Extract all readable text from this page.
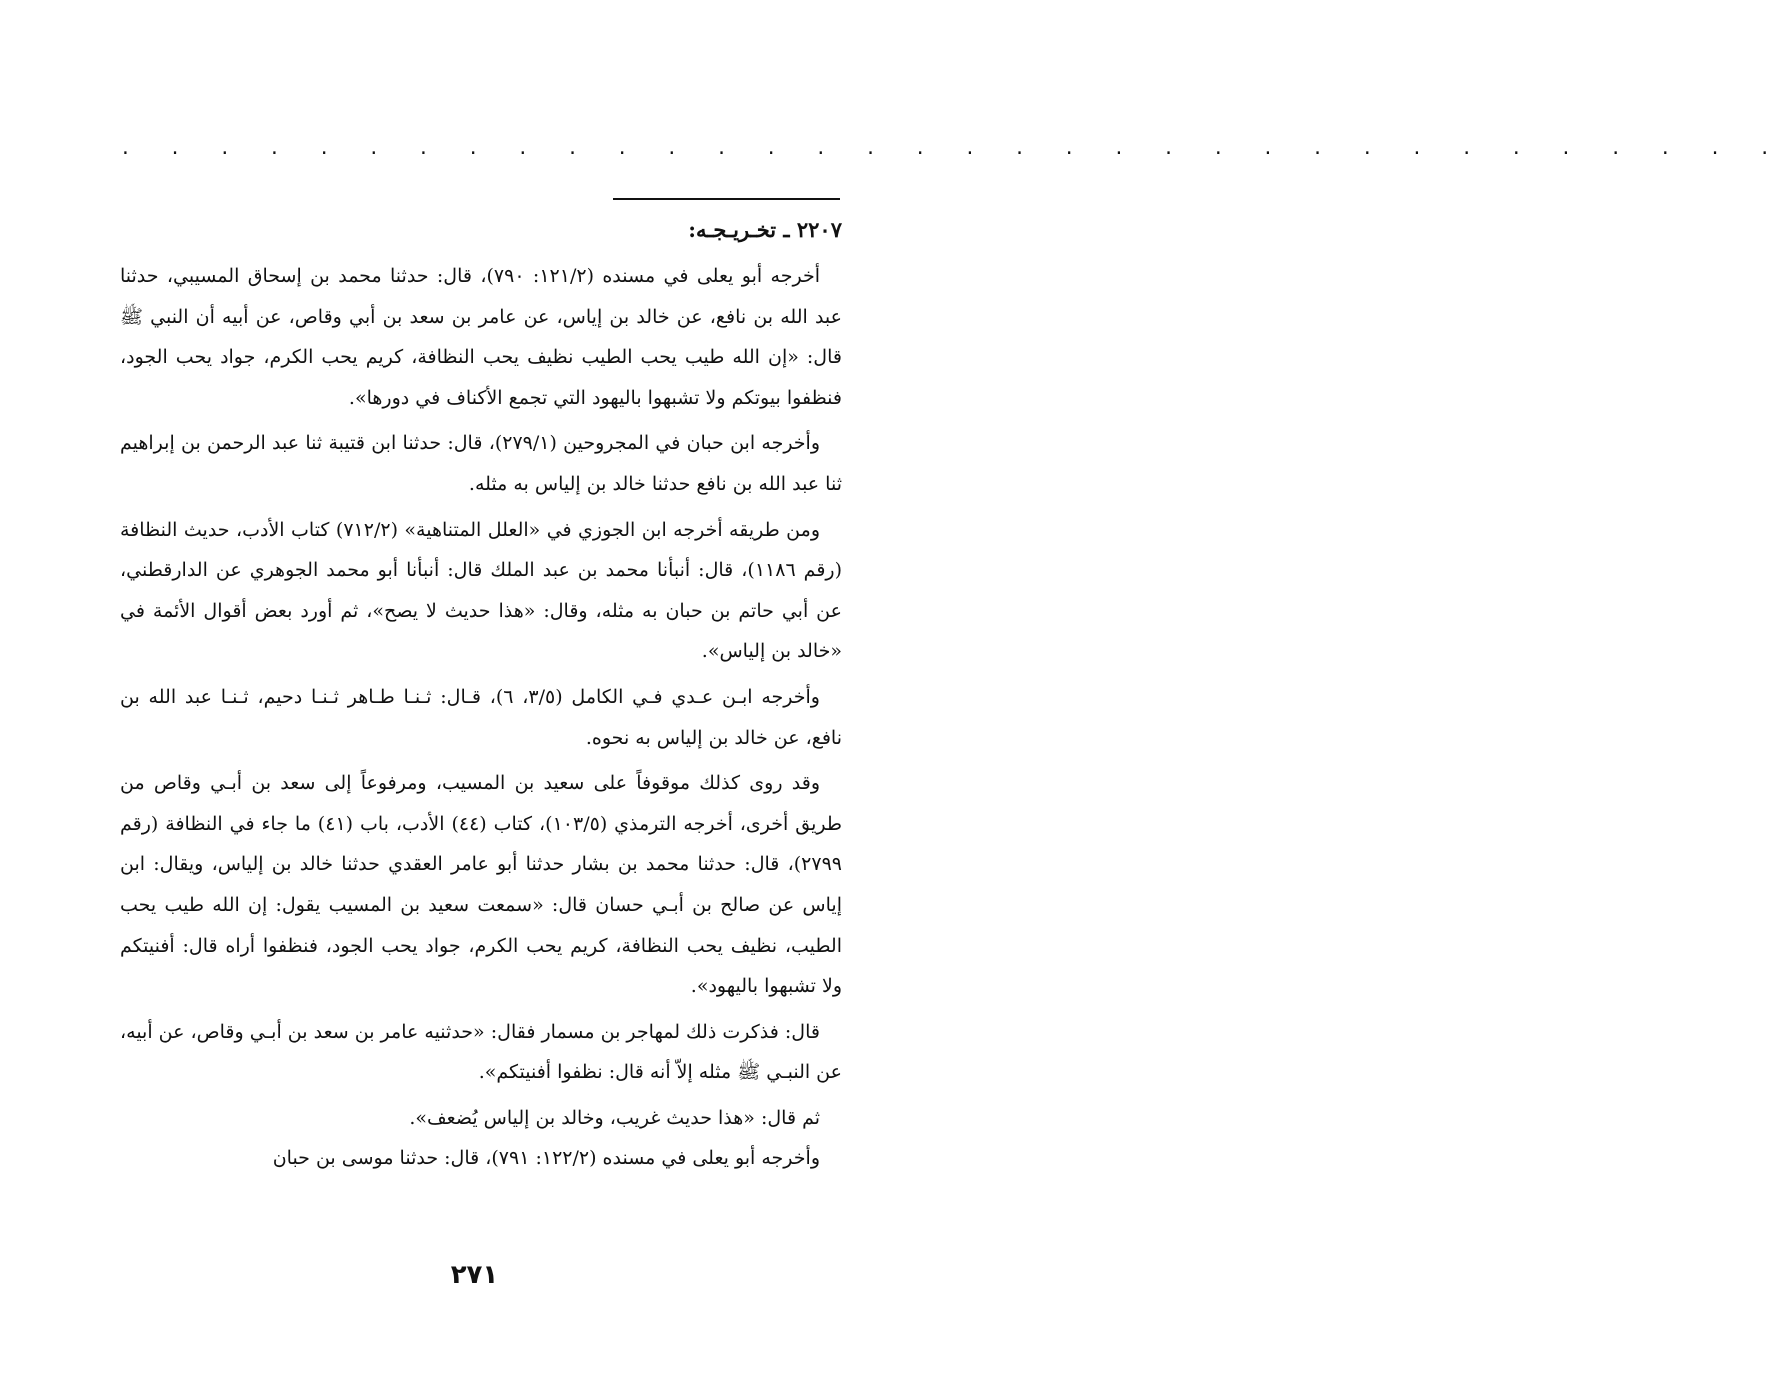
· · · · · · · · · · · · · · · · · · · · · · · · · · · · · · · · · ·
٢٢٠٧ ـ تخـريـجـه:

أخرجه أبو يعلى في مسنده (١٢١/٢: ٧٩٠)، قال: حدثنا محمد بن إسحاق المسيبي، حدثنا عبد الله بن نافع، عن خالد بن إياس، عن عامر بن سعد بن أبي وقاص، عن أبيه أن النبي ﷺ قال: «إن الله طيب يحب الطيب نظيف يحب النظافة، كريم يحب الكرم، جواد يحب الجود، فنظفوا بيوتكم ولا تشبهوا باليهود التي تجمع الأكناف في دورها».

وأخرجه ابن حبان في المجروحين (٢٧٩/١)، قال: حدثنا ابن قتيبة ثنا عبد الرحمن بن إبراهيم ثنا عبد الله بن نافع حدثنا خالد بن إلياس به مثله.

ومن طريقه أخرجه ابن الجوزي في «العلل المتناهية» (٧١٢/٢) كتاب الأدب، حديث النظافة (رقم ١١٨٦)، قال: أنبأنا محمد بن عبد الملك قال: أنبأنا أبو محمد الجوهري عن الدارقطني، عن أبي حاتم بن حبان به مثله، وقال: «هذا حديث لا يصح»، ثم أورد بعض أقوال الأئمة في «خالد بن إلياس».

وأخرجه ابـن عـدي فـي الكامل (٣/٥، ٦)، قـال: ثـنـا طـاهر ثـنـا دحيم، ثـنـا عبد الله بن نافع، عن خالد بن إلياس به نحوه.

وقد روى كذلك موقوفاً على سعيد بن المسيب، ومرفوعاً إلى سعد بن أبـي وقاص من طريق أخرى، أخرجه الترمذي (١٠٣/٥)، كتاب (٤٤) الأدب، باب (٤١) ما جاء في النظافة (رقم ٢٧٩٩)، قال: حدثنا محمد بن بشار حدثنا أبو عامر العقدي حدثنا خالد بن إلياس، ويقال: ابن إياس عن صالح بن أبـي حسان قال: «سمعت سعيد بن المسيب يقول: إن الله طيب يحب الطيب، نظيف يحب النظافة، كريم يحب الكرم، جواد يحب الجود، فنظفوا أراه قال: أفنيتكم ولا تشبهوا باليهود».

قال: فذكرت ذلك لمهاجر بن مسمار فقال: «حدثنيه عامر بن سعد بن أبـي وقاص، عن أبيه، عن النبـي ﷺ مثله إلاّ أنه قال: نظفوا أفنيتكم».

ثم قال: «هذا حديث غريب، وخالد بن إلياس يُضعف».

وأخرجه أبو يعلى في مسنده (١٢٢/٢: ٧٩١)، قال: حدثنا موسى بن حبان

٢٧١
